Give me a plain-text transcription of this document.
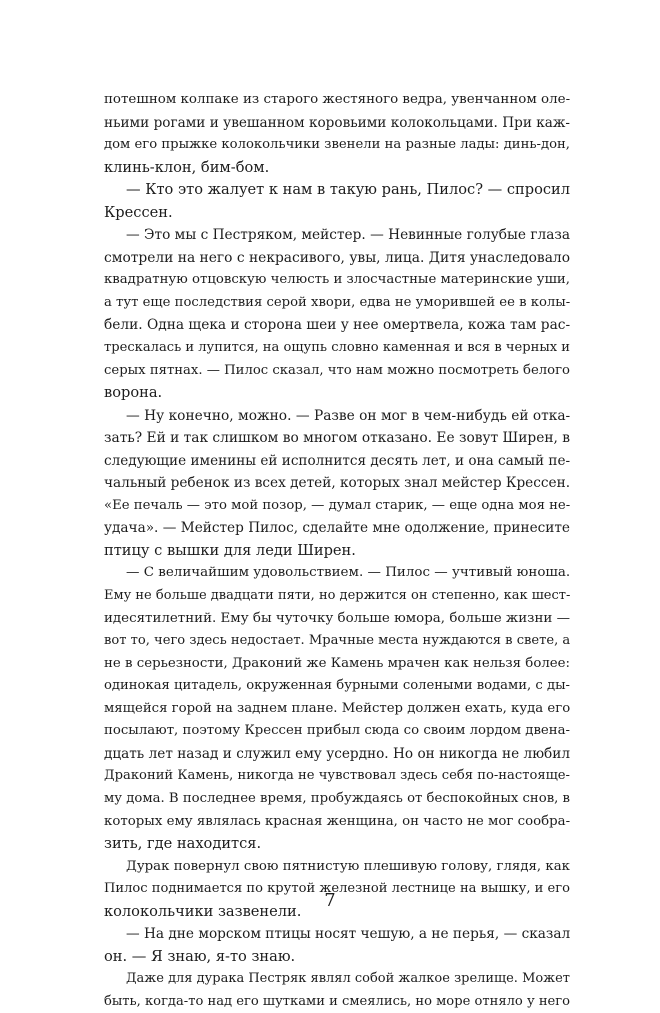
потешном колпаке из старого жестяного ведра, увенчанном оле-
ньими рогами и увешанном коровьими колокольцами. При каж-
дом его прыжке колокольчики звенели на разные лады: динь-дон,
клинь-клон, бим-бом.
— Кто это жалует к нам в такую рань, Пилос? — спросил
Крессен.
— Это мы с Пестряком, мейстер. — Невинные голубые глаза
смотрели на него с некрасивого, увы, лица. Дитя унаследовало
квадратную отцовскую челюсть и злосчастные материнские уши,
а тут еще последствия серой хвори, едва не уморившей ее в колы-
бели. Одна щека и сторона шеи у нее омертвела, кожа там рас-
трескалась и лупится, на ощупь словно каменная и вся в черных и
серых пятнах. — Пилос сказал, что нам можно посмотреть белого
ворона.
— Ну конечно, можно. — Разве он мог в чем-нибудь ей отка-
зать? Ей и так слишком во многом отказано. Ее зовут Ширен, в
следующие именины ей исполнится десять лет, и она самый пе-
чальный ребенок из всех детей, которых знал мейстер Крессен.
«Ее печаль — это мой позор, — думал старик, — еще одна моя не-
удача». — Мейстер Пилос, сделайте мне одолжение, принесите
птицу с вышки для леди Ширен.
— С величайшим удовольствием. — Пилос — учтивый юноша.
Ему не больше двадцати пяти, но держится он степенно, как шест-
идесятилетний. Ему бы чуточку больше юмора, больше жизни —
вот то, чего здесь недостает. Мрачные места нуждаются в свете, а
не в серьезности, Драконий же Камень мрачен как нельзя более:
одинокая цитадель, окруженная бурными солеными водами, с ды-
мящейся горой на заднем плане. Мейстер должен ехать, куда его
посылают, поэтому Крессен прибыл сюда со своим лордом двена-
дцать лет назад и служил ему усердно. Но он никогда не любил
Драконий Камень, никогда не чувствовал здесь себя по-настояще-
му дома. В последнее время, пробуждаясь от беспокойных снов, в
которых ему являлась красная женщина, он часто не мог сообра-
зить, где находится.
Дурак повернул свою пятнистую плешивую голову, глядя, как
Пилос поднимается по крутой железной лестнице на вышку, и его
колокольчики зазвенели.
— На дне морском птицы носят чешую, а не перья, — сказал
он. — Я знаю, я-то знаю.
Даже для дурака Пестряк являл собой жалкое зрелище. Может
быть, когда-то над его шутками и смеялись, но море отняло у него
7
